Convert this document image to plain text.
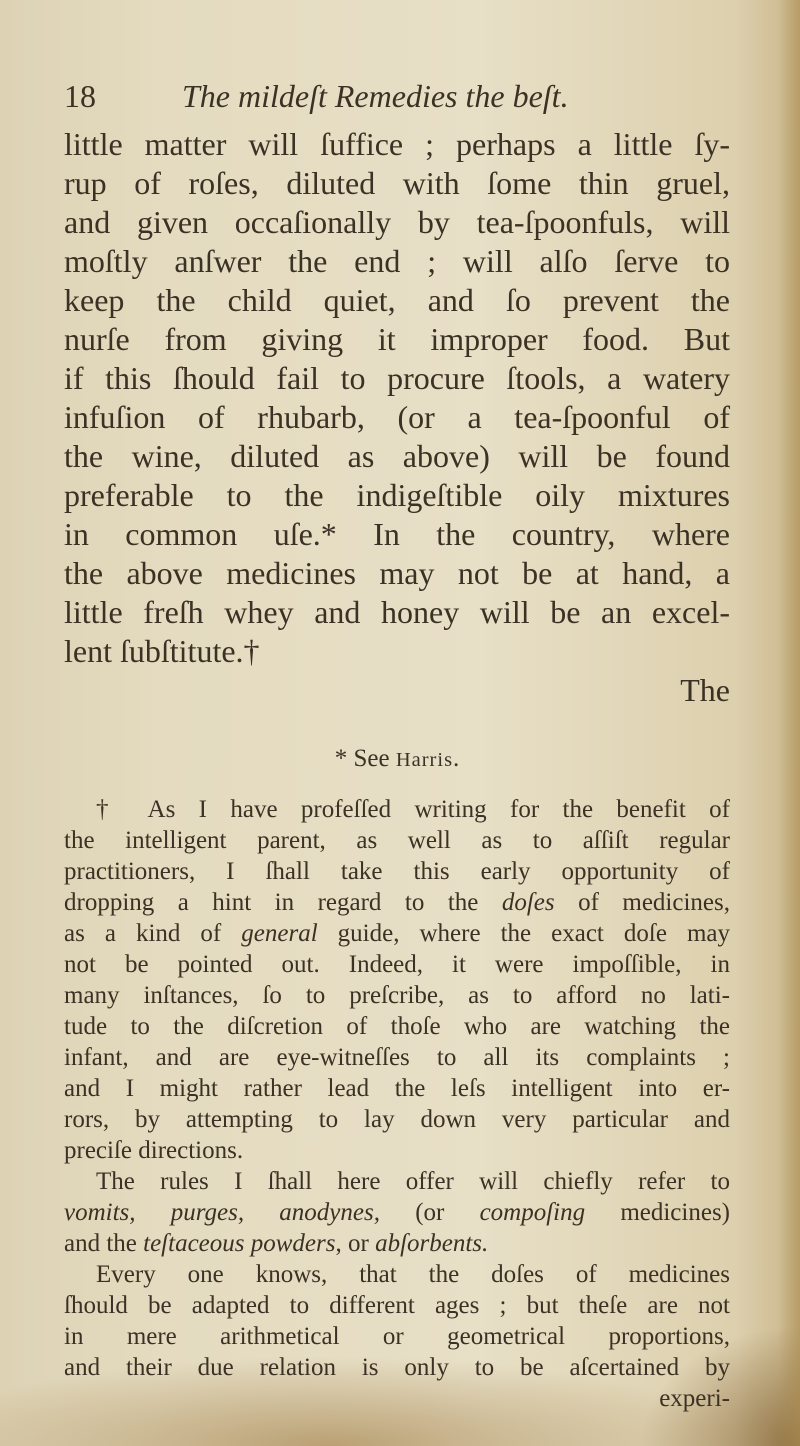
18	The mildeſt Remedies the beſt.
little matter will ſuffice ; perhaps a little ſy-
rup of roſes, diluted with ſome thin gruel,
and given occaſionally by tea-ſpoonfuls, will
moſtly anſwer the end ; will alſo ſerve to
keep the child quiet, and ſo prevent the
nurſe from giving it improper food. But
if this ſhould fail to procure ſtools, a watery
infuſion of rhubarb, (or a tea-ſpoonful of
the wine, diluted as above) will be found
preferable to the indigeſtible oily mixtures
in common uſe.* In the country, where
the above medicines may not be at hand, a
little freſh whey and honey will be an excel-
lent ſubſtitute.†
The
* See Harris.
† As I have profeſſed writing for the benefit of
the intelligent parent, as well as to aſſiſt regular
practitioners, I ſhall take this early opportunity of
dropping a hint in regard to the doſes of medicines,
as a kind of general guide, where the exact doſe may
not be pointed out. Indeed, it were impoſſible, in
many inſtances, ſo to preſcribe, as to afford no lati-
tude to the diſcretion of thoſe who are watching the
infant, and are eye-witneſſes to all its complaints ;
and I might rather lead the leſs intelligent into er-
rors, by attempting to lay down very particular and
preciſe directions.
The rules I ſhall here offer will chiefly refer to
vomits, purges, anodynes, (or compoſing medicines)
and the teſtaceous powders, or abſorbents.
Every one knows, that the doſes of medicines
ſhould be adapted to different ages ; but theſe are not
in mere arithmetical or geometrical proportions,
and their due relation is only to be aſcertained by
experi-
